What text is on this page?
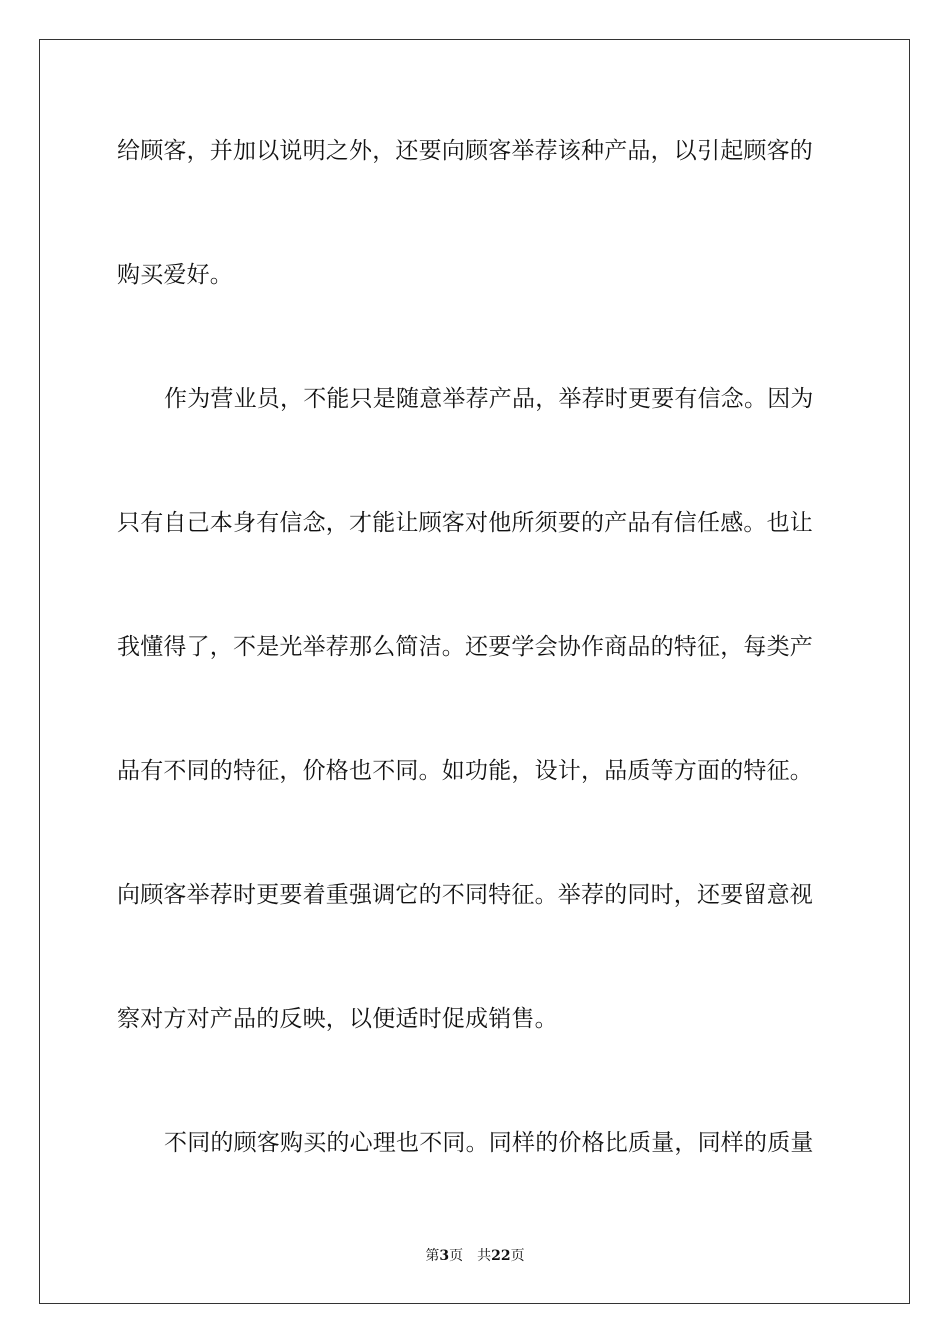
给顾客，并加以说明之外，还要向顾客举荐该种产品，以引起顾客的
购买爱好。
作为营业员，不能只是随意举荐产品，举荐时更要有信念。因为
只有自己本身有信念，才能让顾客对他所须要的产品有信任感。也让
我懂得了，不是光举荐那么简洁。还要学会协作商品的特征，每类产
品有不同的特征，价格也不同。如功能，设计，品质等方面的特征。
向顾客举荐时更要着重强调它的不同特征。举荐的同时，还要留意视
察对方对产品的反映，以便适时促成销售。
不同的顾客购买的心理也不同。同样的价格比质量，同样的质量
第3页 共22页
